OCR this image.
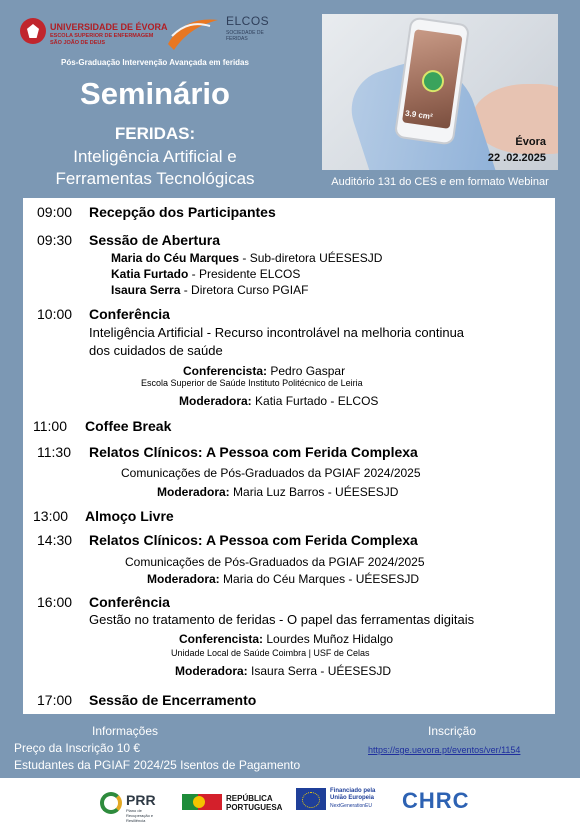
UNIVERSIDADE DE ÉVORA
ESCOLA SUPERIOR DE ENFERMAGEM
SÃO JOÃO DE DEUS
ELCOS
SOCIEDADE DE FERIDAS
Pós-Graduação Intervenção Avançada em feridas
Seminário
FERIDAS:
Inteligência Artificial e
Ferramentas Tecnológicas
3.9 cm²
Évora
22 .02.2025
Auditório 131 do CES e em formato Webinar
09:00 Recepção dos Participantes
09:30 Sessão de Abertura
Maria do Céu Marques - Sub-diretora UÉESESJD
Katia Furtado - Presidente ELCOS
Isaura Serra - Diretora Curso PGIAF
10:00 Conferência
Inteligência Artificial - Recurso incontrolável na melhoria continua
dos cuidados de saúde
Conferencista: Pedro Gaspar
Escola Superior de Saúde Instituto Politécnico de Leiria
Moderadora: Katia Furtado - ELCOS
11:00 Coffee Break
11:30 Relatos Clínicos: A Pessoa com Ferida Complexa
Comunicações de Pós-Graduados da PGIAF 2024/2025
Moderadora: Maria Luz Barros - UÉESESJD
13:00 Almoço Livre
14:30 Relatos Clínicos: A Pessoa com Ferida Complexa
Comunicações de Pós-Graduados da PGIAF 2024/2025
Moderadora: Maria do Céu Marques - UÉESESJD
16:00 Conferência
Gestão no tratamento de feridas - O papel das ferramentas digitais
Conferencista: Lourdes Muñoz Hidalgo
Unidade Local de Saúde Coimbra | USF de Celas
Moderadora: Isaura Serra - UÉESESJD
17:00 Sessão de Encerramento
Informações	Inscrição
Preço da Inscrição 10 €	https://sge.uevora.pt/eventos/ver/1154
Estudantes da PGIAF 2024/25 Isentos de Pagamento
PRR
Plano de Recuperação e Resiliência
REPÚBLICA
PORTUGUESA
Financiado pela
União Europeia
NextGenerationEU CHRC
